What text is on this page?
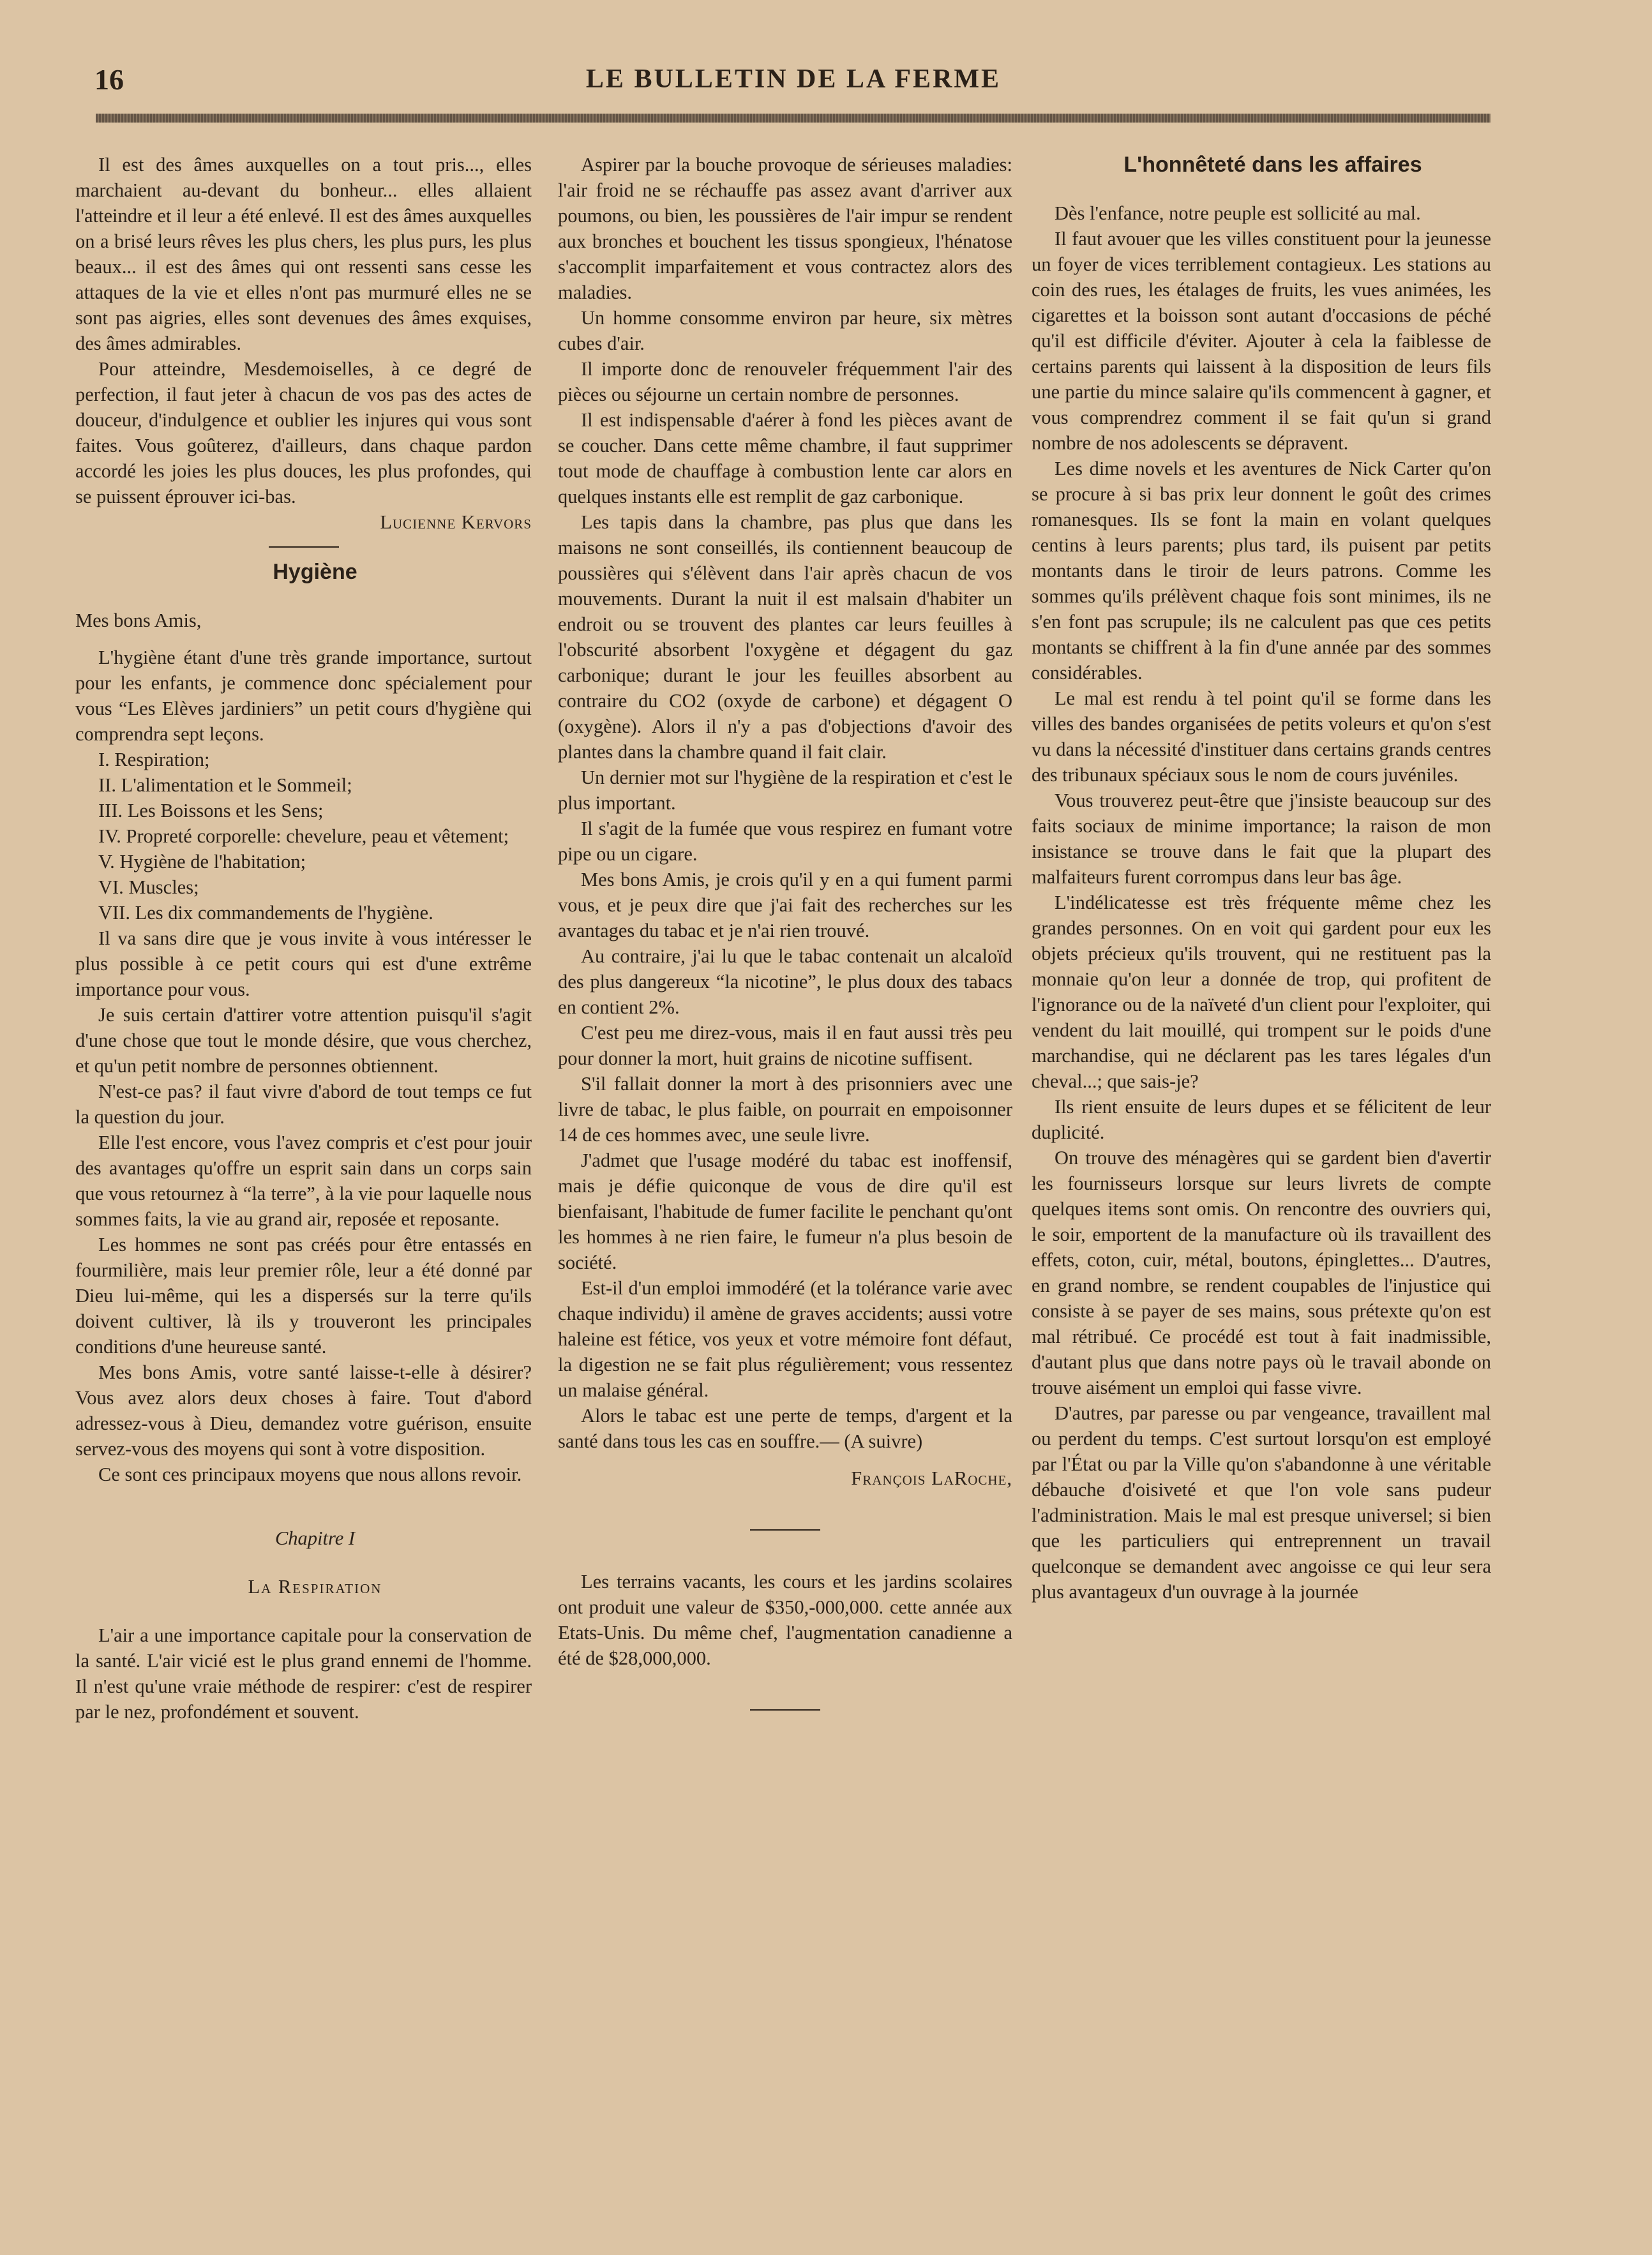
16	LE BULLETIN DE LA FERME

Il est des âmes auxquelles on a tout pris..., elles marchaient au-devant du bonheur... elles allaient l'atteindre et il leur a été enlevé. Il est des âmes auxquelles on a brisé leurs rêves les plus chers, les plus purs, les plus beaux... il est des âmes qui ont ressenti sans cesse les attaques de la vie et elles n'ont pas murmuré elles ne se sont pas aigries, elles sont devenues des âmes exquises, des âmes admirables.

Pour atteindre, Mesdemoiselles, à ce degré de perfection, il faut jeter à chacun de vos pas des actes de douceur, d'indulgence et oublier les injures qui vous sont faites. Vous goûterez, d'ailleurs, dans chaque pardon accordé les joies les plus douces, les plus profondes, qui se puissent éprouver ici-bas.

Lucienne Kervors

Hygiène

Mes bons Amis,

L'hygiène étant d'une très grande importance, surtout pour les enfants, je commence donc spécialement pour vous “Les Elèves jardiniers” un petit cours d'hygiène qui comprendra sept leçons.

I. Respiration;

II. L'alimentation et le Sommeil;

III. Les Boissons et les Sens;

IV. Propreté corporelle: chevelure, peau et vêtement;

V. Hygiène de l'habitation;

VI. Muscles;

VII. Les dix commandements de l'hygiène.

Il va sans dire que je vous invite à vous intéresser le plus possible à ce petit cours qui est d'une extrême importance pour vous.

Je suis certain d'attirer votre attention puisqu'il s'agit d'une chose que tout le monde désire, que vous cherchez, et qu'un petit nombre de personnes obtiennent.

N'est-ce pas? il faut vivre d'abord de tout temps ce fut la question du jour.

Elle l'est encore, vous l'avez compris et c'est pour jouir des avantages qu'offre un esprit sain dans un corps sain que vous retournez à “la terre”, à la vie pour laquelle nous sommes faits, la vie au grand air, reposée et reposante.

Les hommes ne sont pas créés pour être entassés en fourmilière, mais leur premier rôle, leur a été donné par Dieu lui-même, qui les a dispersés sur la terre qu'ils doivent cultiver, là ils y trouveront les principales conditions d'une heureuse santé.

Mes bons Amis, votre santé laisse-t-elle à désirer? Vous avez alors deux choses à faire. Tout d'abord adressez-vous à Dieu, demandez votre guérison, ensuite servez-vous des moyens qui sont à votre disposition.

Ce sont ces principaux moyens que nous allons revoir.

Chapitre I

La Respiration

L'air a une importance capitale pour la conservation de la santé. L'air vicié est le plus grand ennemi de l'homme. Il n'est qu'une vraie méthode de respirer: c'est de respirer par le nez, profondément et souvent.

Aspirer par la bouche provoque de sérieuses maladies: l'air froid ne se réchauffe pas assez avant d'arriver aux poumons, ou bien, les poussières de l'air impur se rendent aux bronches et bouchent les tissus spongieux, l'hénatose s'accomplit imparfaitement et vous contractez alors des maladies.

Un homme consomme environ par heure, six mètres cubes d'air.

Il importe donc de renouveler fréquemment l'air des pièces ou séjourne un certain nombre de personnes.

Il est indispensable d'aérer à fond les pièces avant de se coucher. Dans cette même chambre, il faut supprimer tout mode de chauffage à combustion lente car alors en quelques instants elle est remplit de gaz carbonique.

Les tapis dans la chambre, pas plus que dans les maisons ne sont conseillés, ils contiennent beaucoup de poussières qui s'élèvent dans l'air après chacun de vos mouvements. Durant la nuit il est malsain d'habiter un endroit ou se trouvent des plantes car leurs feuilles à l'obscurité absorbent l'oxygène et dégagent du gaz carbonique; durant le jour les feuilles absorbent au contraire du CO2 (oxyde de carbone) et dégagent O (oxygène). Alors il n'y a pas d'objections d'avoir des plantes dans la chambre quand il fait clair.

Un dernier mot sur l'hygiène de la respiration et c'est le plus important.

Il s'agit de la fumée que vous respirez en fumant votre pipe ou un cigare.

Mes bons Amis, je crois qu'il y en a qui fument parmi vous, et je peux dire que j'ai fait des recherches sur les avantages du tabac et je n'ai rien trouvé.

Au contraire, j'ai lu que le tabac contenait un alcaloïd des plus dangereux “la nicotine”, le plus doux des tabacs en contient 2%.

C'est peu me direz-vous, mais il en faut aussi très peu pour donner la mort, huit grains de nicotine suffisent.

S'il fallait donner la mort à des prisonniers avec une livre de tabac, le plus faible, on pourrait en empoisonner 14 de ces hommes avec, une seule livre.

J'admet que l'usage modéré du tabac est inoffensif, mais je défie quiconque de vous de dire qu'il est bienfaisant, l'habitude de fumer facilite le penchant qu'ont les hommes à ne rien faire, le fumeur n'a plus besoin de société.

Est-il d'un emploi immodéré (et la tolérance varie avec chaque individu) il amène de graves accidents; aussi votre haleine est fétice, vos yeux et votre mémoire font défaut, la digestion ne se fait plus régulièrement; vous ressentez un malaise général.

Alors le tabac est une perte de temps, d'argent et la santé dans tous les cas en souffre.— (A suivre)

François LaRoche,

Les terrains vacants, les cours et les jardins scolaires ont produit une valeur de $350,-000,000. cette année aux Etats-Unis. Du même chef, l'augmentation canadienne a été de $28,000,000.

L'honnêteté dans les affaires

Dès l'enfance, notre peuple est sollicité au mal.

Il faut avouer que les villes constituent pour la jeunesse un foyer de vices terriblement contagieux. Les stations au coin des rues, les étalages de fruits, les vues animées, les cigarettes et la boisson sont autant d'occasions de péché qu'il est difficile d'éviter. Ajouter à cela la faiblesse de certains parents qui laissent à la disposition de leurs fils une partie du mince salaire qu'ils commencent à gagner, et vous comprendrez comment il se fait qu'un si grand nombre de nos adolescents se dépravent.

Les dime novels et les aventures de Nick Carter qu'on se procure à si bas prix leur donnent le goût des crimes romanesques. Ils se font la main en volant quelques centins à leurs parents; plus tard, ils puisent par petits montants dans le tiroir de leurs patrons. Comme les sommes qu'ils prélèvent chaque fois sont minimes, ils ne s'en font pas scrupule; ils ne calculent pas que ces petits montants se chiffrent à la fin d'une année par des sommes considérables.

Le mal est rendu à tel point qu'il se forme dans les villes des bandes organisées de petits voleurs et qu'on s'est vu dans la nécessité d'instituer dans certains grands centres des tribunaux spéciaux sous le nom de cours juvéniles.

Vous trouverez peut-être que j'insiste beaucoup sur des faits sociaux de minime importance; la raison de mon insistance se trouve dans le fait que la plupart des malfaiteurs furent corrompus dans leur bas âge.

L'indélicatesse est très fréquente même chez les grandes personnes. On en voit qui gardent pour eux les objets précieux qu'ils trouvent, qui ne restituent pas la monnaie qu'on leur a donnée de trop, qui profitent de l'ignorance ou de la naïveté d'un client pour l'exploiter, qui vendent du lait mouillé, qui trompent sur le poids d'une marchandise, qui ne déclarent pas les tares légales d'un cheval...; que sais-je?

Ils rient ensuite de leurs dupes et se félicitent de leur duplicité.

On trouve des ménagères qui se gardent bien d'avertir les fournisseurs lorsque sur leurs livrets de compte quelques items sont omis. On rencontre des ouvriers qui, le soir, emportent de la manufacture où ils travaillent des effets, coton, cuir, métal, boutons, épinglettes... D'autres, en grand nombre, se rendent coupables de l'injustice qui consiste à se payer de ses mains, sous prétexte qu'on est mal rétribué. Ce procédé est tout à fait inadmissible, d'autant plus que dans notre pays où le travail abonde on trouve aisément un emploi qui fasse vivre.

D'autres, par paresse ou par vengeance, travaillent mal ou perdent du temps. C'est surtout lorsqu'on est employé par l'État ou par la Ville qu'on s'abandonne à une véritable débauche d'oisiveté et que l'on vole sans pudeur l'administration. Mais le mal est presque universel; si bien que les particuliers qui entreprennent un travail quelconque se demandent avec angoisse ce qui leur sera plus avantageux d'un ouvrage à la journée
